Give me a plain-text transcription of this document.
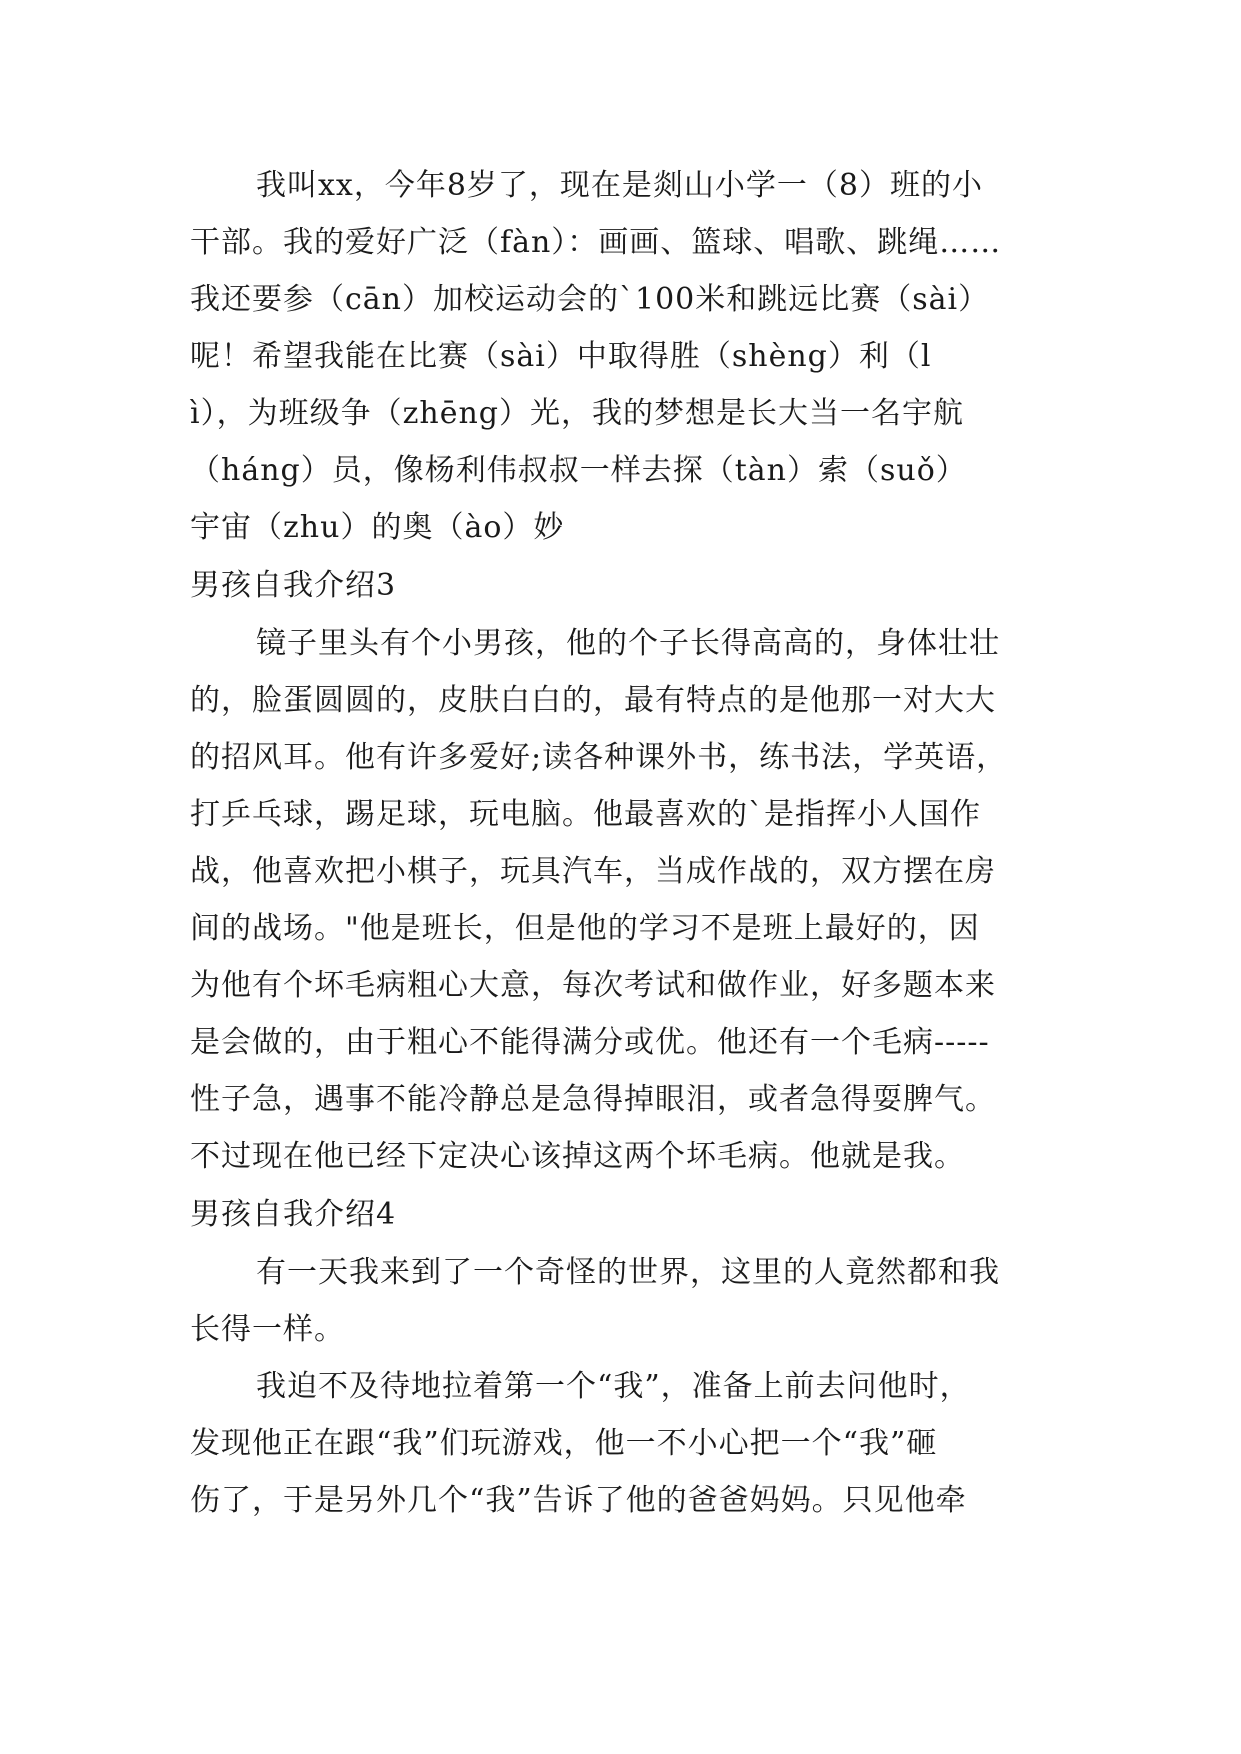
我叫xx，今年8岁了，现在是剡山小学一（8）班的小
干部。我的爱好广泛（fàn）：画画、篮球、唱歌、跳绳……
我还要参（cān）加校运动会的`100米和跳远比赛（sài）
呢！希望我能在比赛（sài）中取得胜（shèng）利（l
ì），为班级争（zhēng）光，我的梦想是长大当一名宇航
（háng）员，像杨利伟叔叔一样去探（tàn）索（suǒ）
宇宙（zhu）的奥（ào）妙
男孩自我介绍3
镜子里头有个小男孩，他的个子长得高高的，身体壮壮
的，脸蛋圆圆的，皮肤白白的，最有特点的是他那一对大大
的招风耳。他有许多爱好;读各种课外书，练书法，学英语，
打乒乓球，踢足球，玩电脑。他最喜欢的`是指挥小人国作
战，他喜欢把小棋子，玩具汽车，当成作战的，双方摆在房
间的战场。"他是班长，但是他的学习不是班上最好的，因
为他有个坏毛病粗心大意，每次考试和做作业，好多题本来
是会做的，由于粗心不能得满分或优。他还有一个毛病-----
性子急，遇事不能冷静总是急得掉眼泪，或者急得耍脾气。
不过现在他已经下定决心该掉这两个坏毛病。他就是我。
男孩自我介绍4
有一天我来到了一个奇怪的世界，这里的人竟然都和我
长得一样。
我迫不及待地拉着第一个“我”，准备上前去问他时，
发现他正在跟“我”们玩游戏，他一不小心把一个“我”砸
伤了，于是另外几个“我”告诉了他的爸爸妈妈。只见他牵
